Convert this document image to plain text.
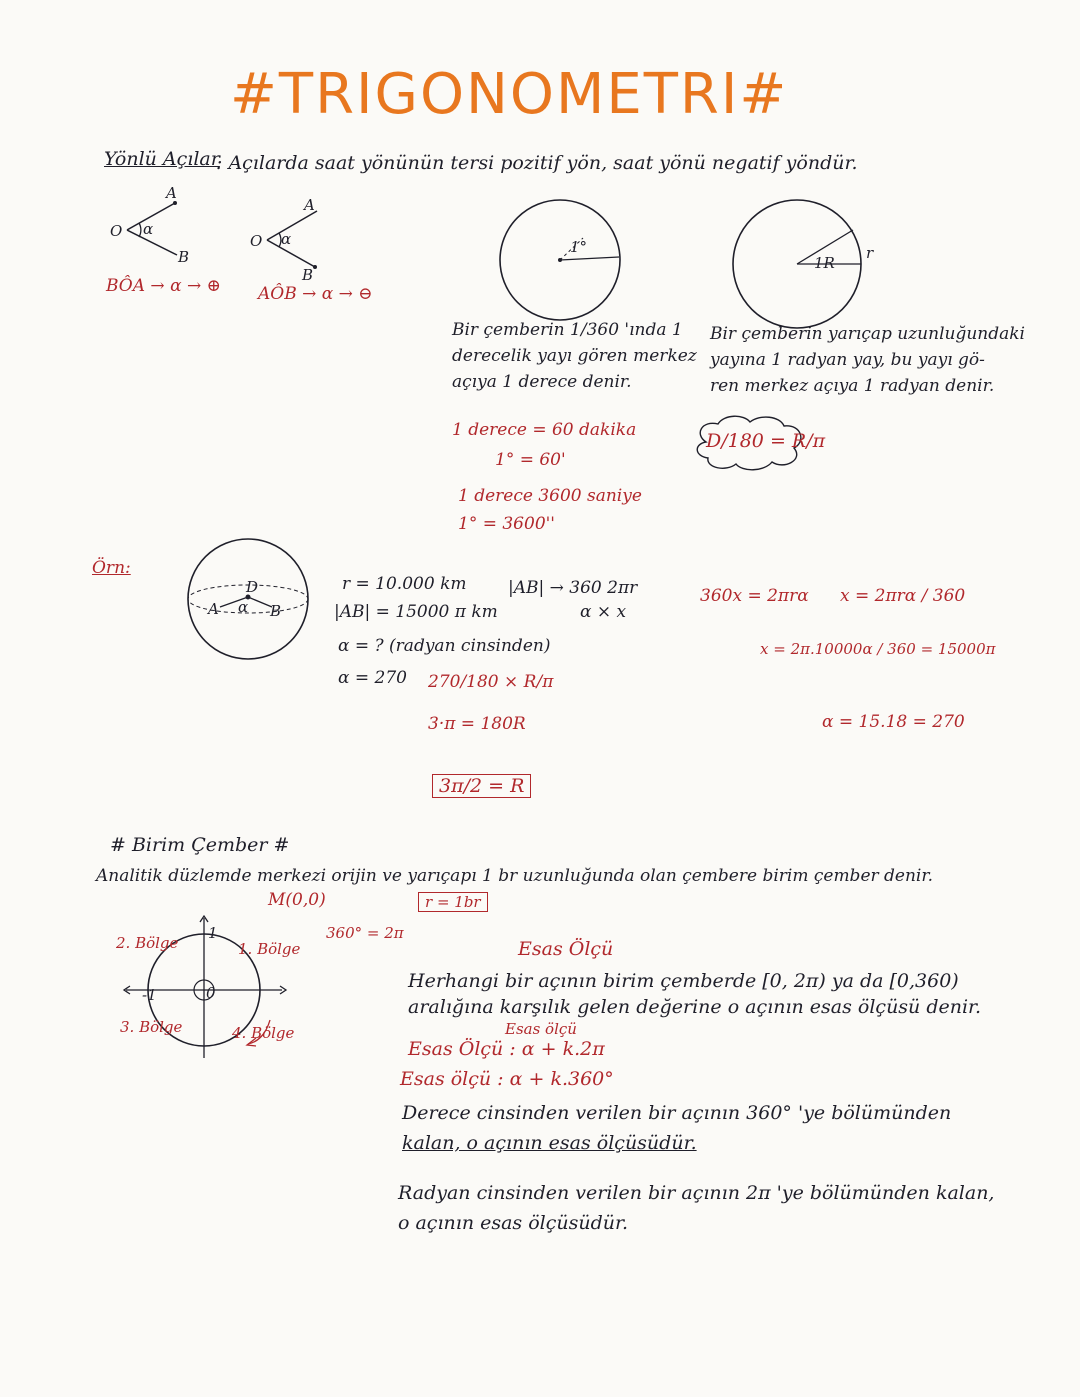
#TRIGONOMETRI#
Yönlü Açılar
: Açılarda saat yönünün tersi pozitif yön, saat yönü negatif yöndür.
A
O
B
α
BÔA → α → ⊕
A
O
B
α
AÔB → α → ⊖
1°
Bir çemberin 1/360 'ında 1
derecelik yayı gören merkez
açıya 1 derece denir.
1 derece = 60 dakika
1° = 60'
1 derece 3600 saniye
1° = 3600''
r
1R
Bir çemberin yarıçap uzunluğundaki
yayına 1 radyan yay, bu yayı gö-
ren merkez açıya 1 radyan denir.
D/180 = R/π
Örn:
A	B
D
α
r = 10.000 km
|AB| = 15000 π km
α = ? (radyan cinsinden)
α = 270 270/180 × R/π
3·π = 180R
3π/2 = R
|AB| → 360 2πr
α × x
360x = 2πrα x = 2πrα / 360
x = 2π.10000α / 360 = 15000π
α = 15.18 = 270
# Birim Çember #
Analitik düzlemde merkezi orijin ve yarıçapı 1 br uzunluğunda olan çembere birim çember denir.
M(0,0)	r = 1br
360° = 2π
2. Bölge	1. Bölge
3. Bölge	4. Bölge
1
-1	0
Esas Ölçü
Herhangi bir açının birim çemberde [0, 2π) ya da [0,360)
aralığına karşılık gelen değerine o açının esas ölçüsü denir.
Esas ölçü
Esas Ölçü : α + k.2π
Esas ölçü : α + k.360°
Derece cinsinden verilen bir açının 360° 'ye bölümünden
kalan, o açının esas ölçüsüdür.
Radyan cinsinden verilen bir açının 2π 'ye bölümünden kalan,
o açının esas ölçüsüdür.
